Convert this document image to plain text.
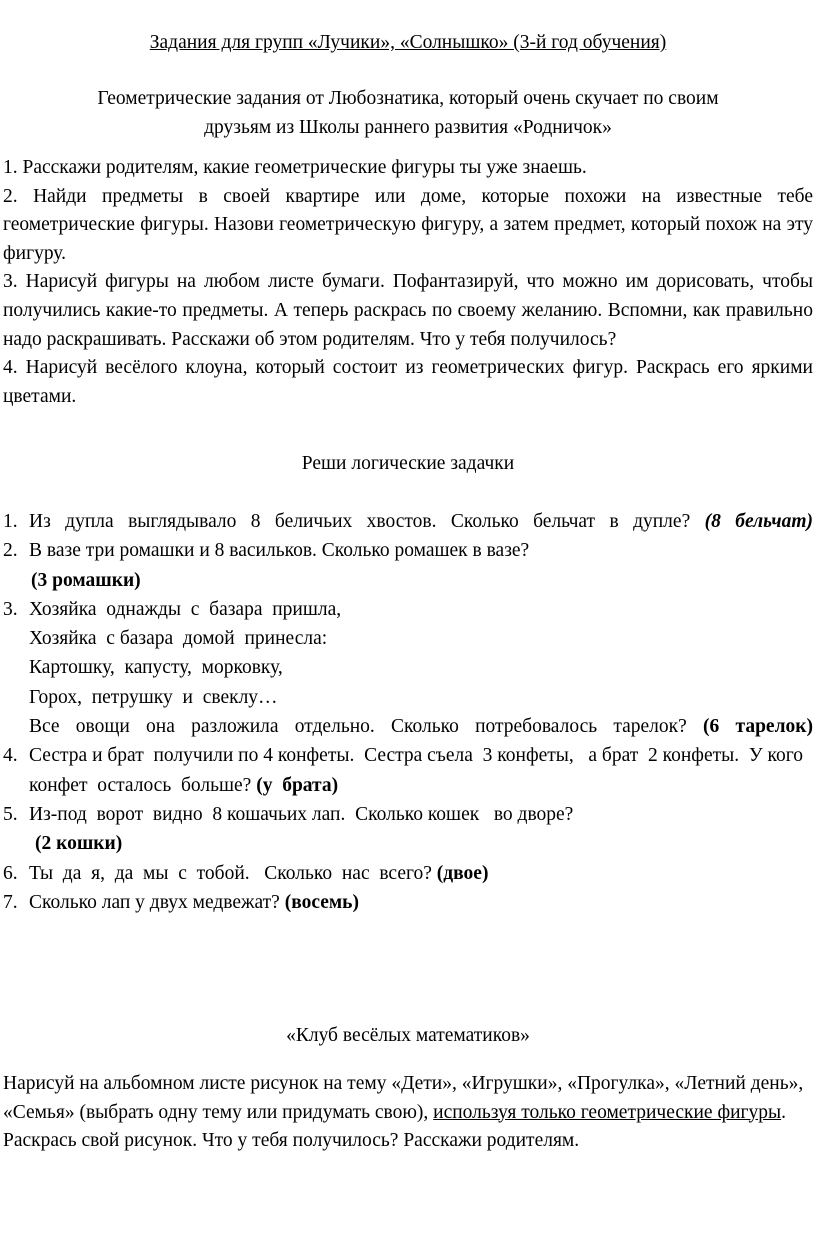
Задания для групп «Лучики», «Солнышко» (3-й год обучения)
Геометрические задания от Любознатика, который очень скучает по своим
друзьям из Школы раннего развития «Родничок»
1. Расскажи родителям, какие геометрические фигуры ты уже знаешь.
2. Найди предметы в своей квартире или доме, которые похожи на известные тебе геометрические фигуры. Назови геометрическую фигуру, а затем предмет, который похож на эту фигуру.
3. Нарисуй фигуры на любом листе бумаги. Пофантазируй, что можно им дорисовать, чтобы получились какие-то предметы. А теперь раскрась по своему желанию. Вспомни, как правильно надо раскрашивать. Расскажи об этом родителям. Что у тебя получилось?
4. Нарисуй весёлого клоуна, который состоит из геометрических фигур. Раскрась его яркими цветами.
Реши логические задачки
1. Из дупла выглядывало 8 беличьих хвостов. Сколько бельчат в дупле? (8 бельчат)

2. В вазе три ромашки и 8 васильков. Сколько ромашек в вазе?

(3 ромашки)

3. Хозяйка  однажды  с  базара  пришла,

Хозяйка  с базара  домой  принесла:

Картошку,  капусту,  морковку,

Горох,  петрушку  и  свеклу…

Все овощи она разложила отдельно. Сколько потребовалось тарелок? (6 тарелок)

4. Сестра и брат  получили по 4 конфеты.  Сестра съела  3 конфеты,   а брат  2 конфеты.  У кого конфет  осталось  больше? (у  брата)

5. Из-под  ворот  видно  8 кошачьих лап.  Сколько кошек   во дворе?

(2 кошки)

6. Ты  да  я,  да  мы  с  тобой.   Сколько  нас  всего? (двое)

7. Сколько лап у двух медвежат? (восемь)

«Клуб весёлых математиков»

Нарисуй на альбомном листе рисунок на тему «Дети», «Игрушки», «Прогулка», «Летний день», «Семья» (выбрать одну тему или придумать свою), используя только геометрические фигуры. Раскрась свой рисунок. Что у тебя получилось? Расскажи родителям.
